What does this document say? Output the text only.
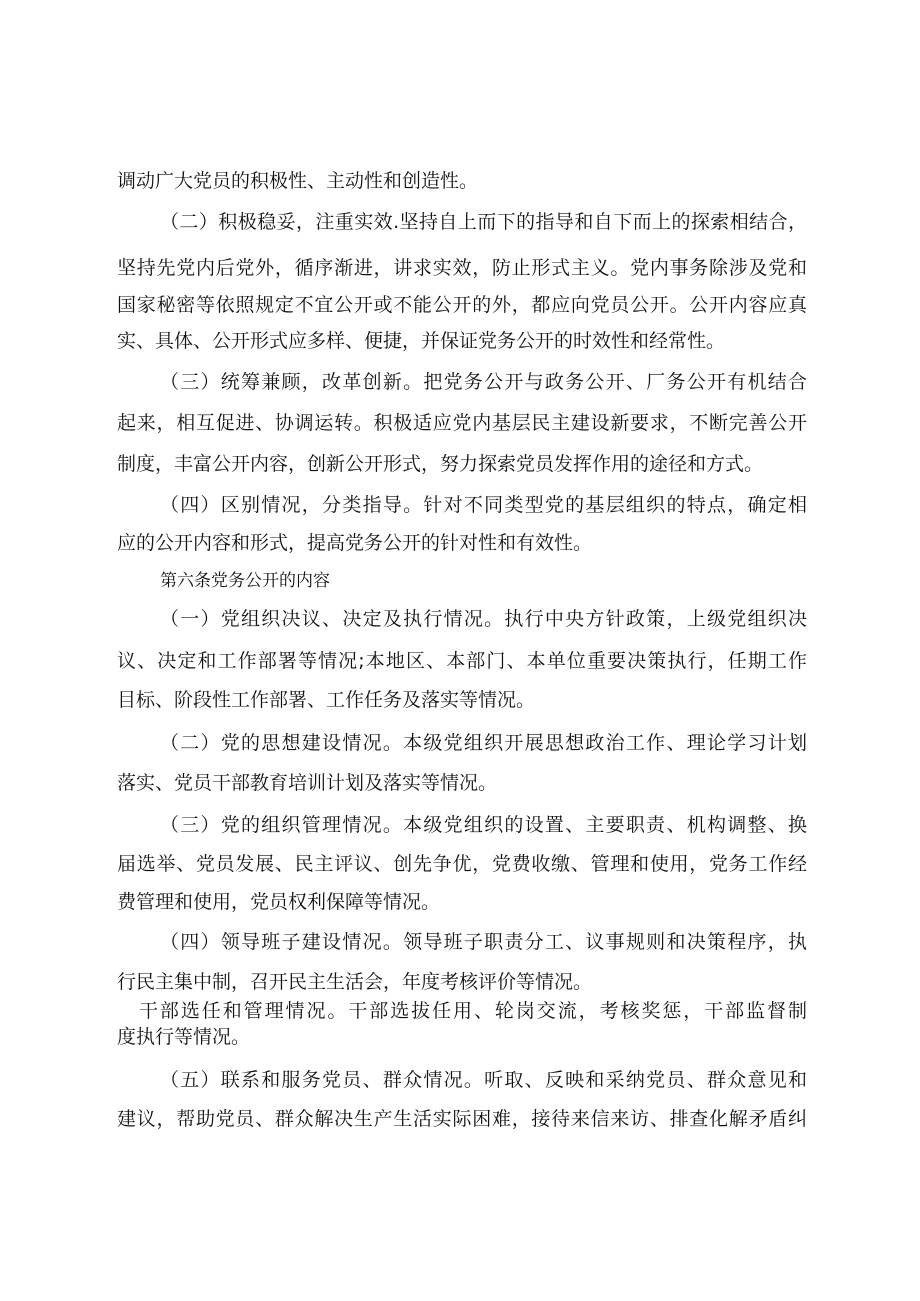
调动广大党员的积极性、主动性和创造性。
（二）积极稳妥，注重实效.坚持自上而下的指导和自下而上的探索相结合，
坚持先党内后党外，循序渐进，讲求实效，防止形式主义。党内事务除涉及党和
国家秘密等依照规定不宜公开或不能公开的外，都应向党员公开。公开内容应真
实、具体、公开形式应多样、便捷，并保证党务公开的时效性和经常性。
（三）统筹兼顾，改革创新。把党务公开与政务公开、厂务公开有机结合
起来，相互促进、协调运转。积极适应党内基层民主建设新要求，不断完善公开
制度，丰富公开内容，创新公开形式，努力探索党员发挥作用的途径和方式。
（四）区别情况，分类指导。针对不同类型党的基层组织的特点，确定相
应的公开内容和形式，提高党务公开的针对性和有效性。
第六条党务公开的内容
（一）党组织决议、决定及执行情况。执行中央方针政策，上级党组织决
议、决定和工作部署等情况;本地区、本部门、本单位重要决策执行，任期工作
目标、阶段性工作部署、工作任务及落实等情况。
（二）党的思想建设情况。本级党组织开展思想政治工作、理论学习计划
落实、党员干部教育培训计划及落实等情况。
（三）党的组织管理情况。本级党组织的设置、主要职责、机构调整、换
届选举、党员发展、民主评议、创先争优，党费收缴、管理和使用，党务工作经
费管理和使用，党员权利保障等情况。
（四）领导班子建设情况。领导班子职责分工、议事规则和决策程序，执
行民主集中制，召开民主生活会，年度考核评价等情况。
干部选任和管理情况。干部选拔任用、轮岗交流，考核奖惩，干部监督制
度执行等情况。
（五）联系和服务党员、群众情况。听取、反映和采纳党员、群众意见和
建议，帮助党员、群众解决生产生活实际困难，接待来信来访、排查化解矛盾纠
